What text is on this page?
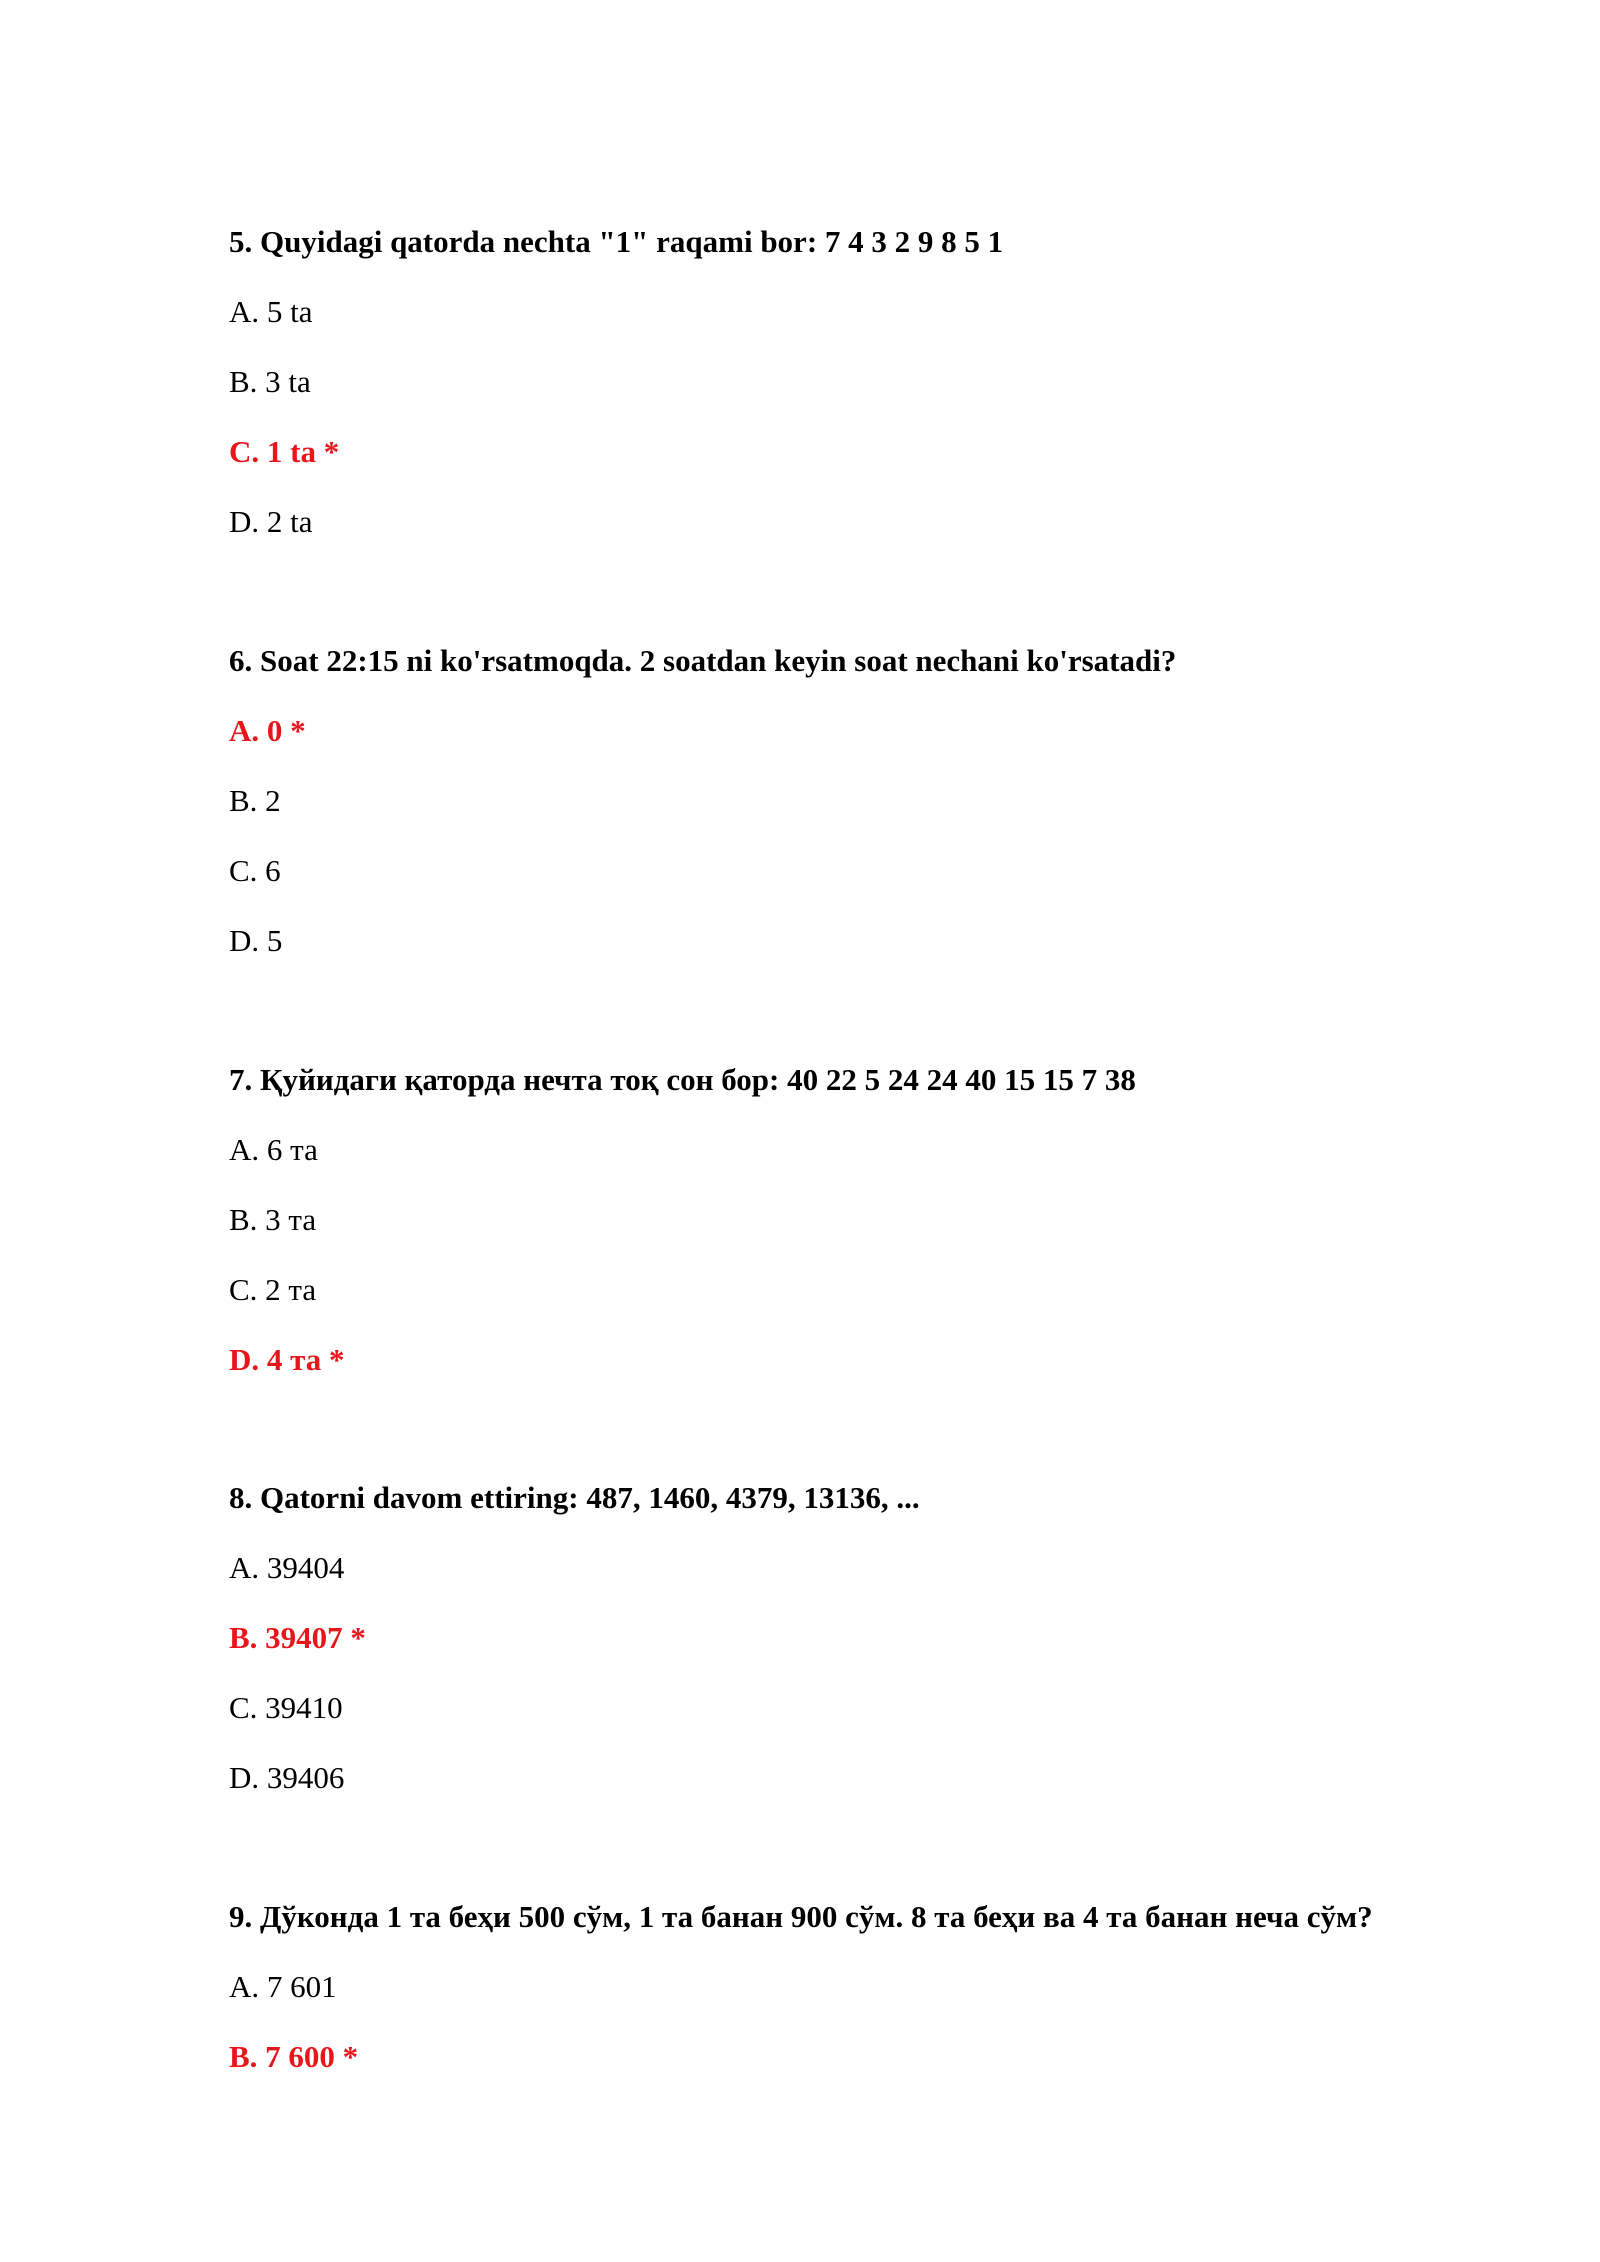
5. Quyidagi qatorda nechta "1" raqami bor: 7 4 3 2 9 8 5 1
A. 5 ta
B. 3 ta
C. 1 ta *
D. 2 ta
6. Soat 22:15 ni ko'rsatmoqda. 2 soatdan keyin soat nechani ko'rsatadi?
A. 0 *
B. 2
C. 6
D. 5
7. Қуйидаги қаторда нечта тоқ сон бор: 40 22 5 24 24 40 15 15 7 38
A. 6 та
B. 3 та
C. 2 та
D. 4 та *
8. Qatorni davom ettiring: 487, 1460, 4379, 13136, ...
A. 39404
B. 39407 *
C. 39410
D. 39406
9. Дўконда 1 та беҳи 500 сўм, 1 та банан 900 сўм. 8 та беҳи ва 4 та банан неча сўм?
A. 7 601
B. 7 600 *
